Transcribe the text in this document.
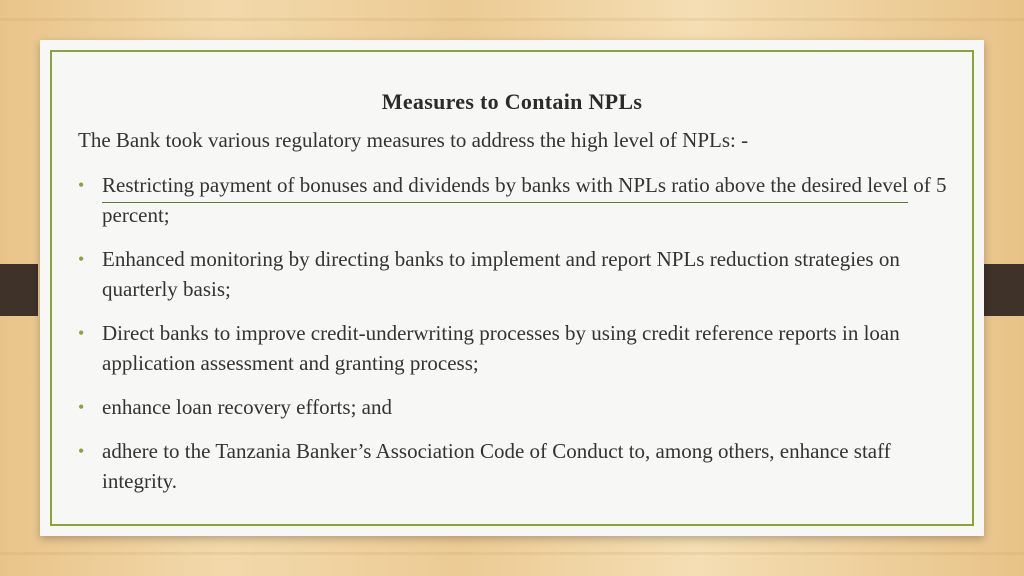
Measures to Contain NPLs
The Bank took various regulatory measures to address the high level of NPLs: -
• Restricting payment of bonuses and dividends by banks with NPLs ratio above the desired level of 5 percent;
• Enhanced monitoring by directing banks to implement and report NPLs reduction strategies on quarterly basis;
• Direct banks to improve credit-underwriting processes by using credit reference reports in loan application assessment and granting process;
• enhance loan recovery efforts; and
• adhere to the Tanzania Banker’s Association Code of Conduct to, among others, enhance staff integrity.
